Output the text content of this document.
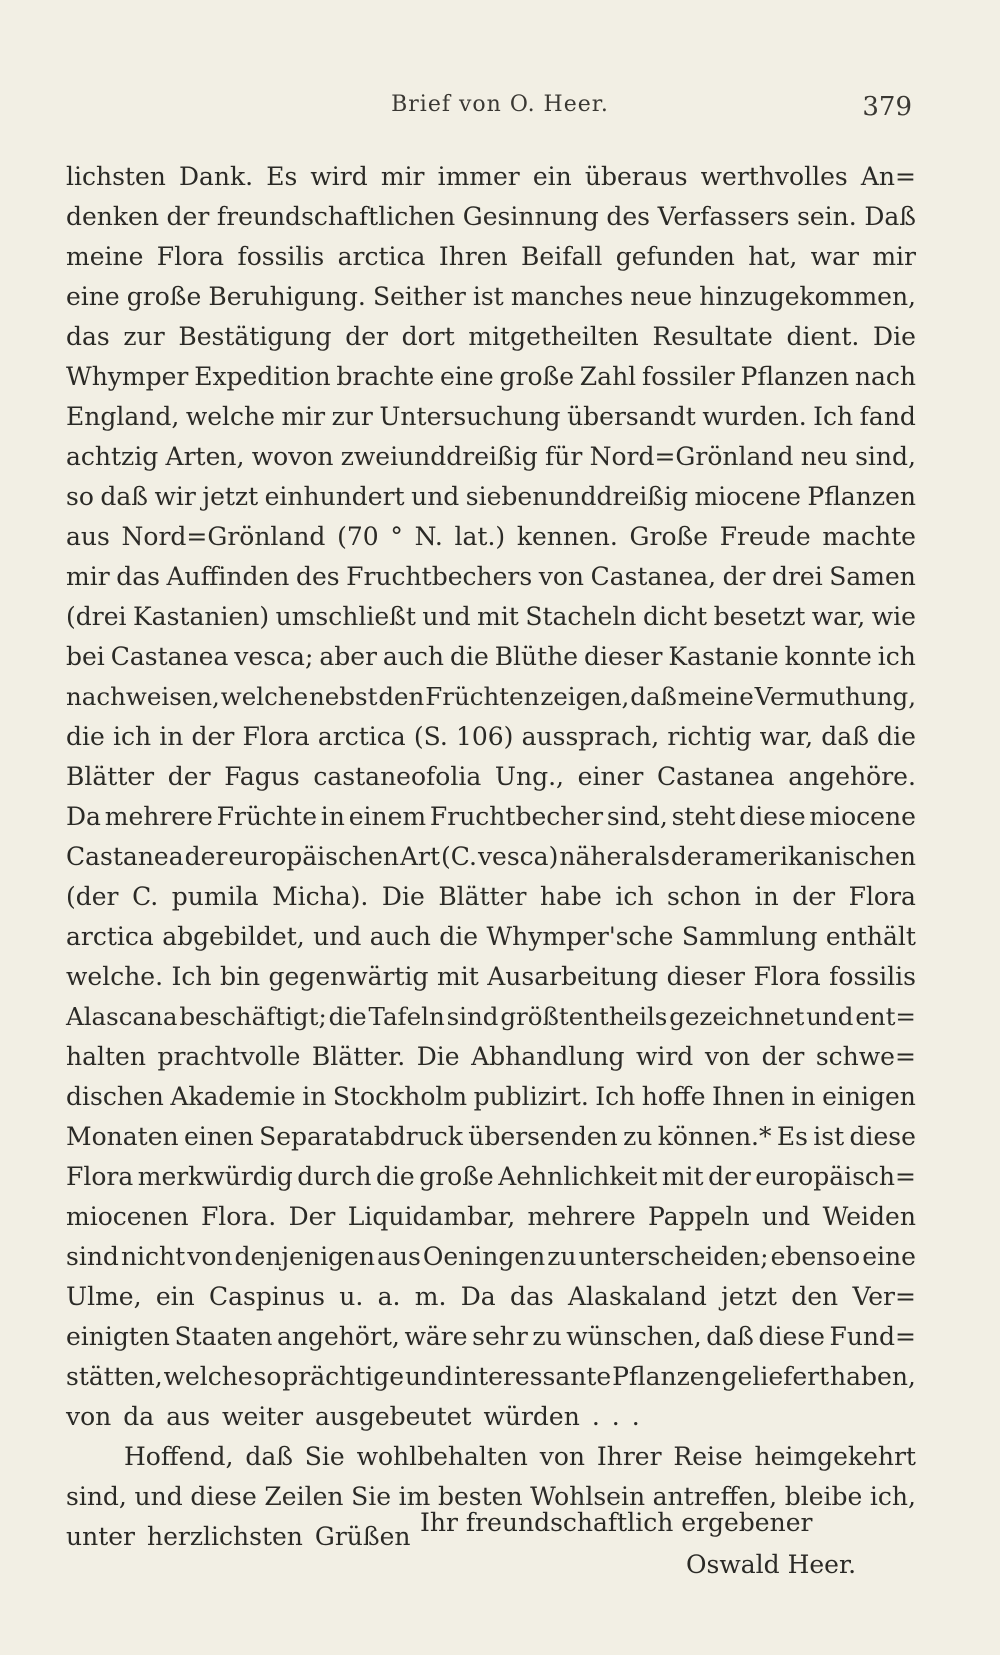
Brief von O. Heer.	379
lichsten Dank. Es wird mir immer ein überaus werthvolles An=
denken der freundschaftlichen Gesinnung des Verfassers sein. Daß
meine Flora fossilis arctica Ihren Beifall gefunden hat, war mir
eine große Beruhigung. Seither ist manches neue hinzugekommen,
das zur Bestätigung der dort mitgetheilten Resultate dient. Die
Whymper Expedition brachte eine große Zahl fossiler Pflanzen nach
England, welche mir zur Untersuchung übersandt wurden. Ich fand
achtzig Arten, wovon zweiunddreißig für Nord=Grönland neu sind,
so daß wir jetzt einhundert und siebenunddreißig miocene Pflanzen
aus Nord=Grönland (70 ° N. lat.) kennen. Große Freude machte
mir das Auffinden des Fruchtbechers von Castanea, der drei Samen
(drei Kastanien) umschließt und mit Stacheln dicht besetzt war, wie
bei Castanea vesca; aber auch die Blüthe dieser Kastanie konnte ich
nachweisen, welche nebst den Früchten zeigen, daß meine Vermuthung,
die ich in der Flora arctica (S. 106) aussprach, richtig war, daß die
Blätter der Fagus castaneofolia Ung., einer Castanea angehöre.
Da mehrere Früchte in einem Fruchtbecher sind, steht diese miocene
Castanea der europäischen Art (C. vesca) näher als der amerikanischen
(der C. pumila Micha). Die Blätter habe ich schon in der Flora
arctica abgebildet, und auch die Whymper'sche Sammlung enthält
welche. Ich bin gegenwärtig mit Ausarbeitung dieser Flora fossilis
Alascana beschäftigt; die Tafeln sind größtentheils gezeichnet und ent=
halten prachtvolle Blätter. Die Abhandlung wird von der schwe=
dischen Akademie in Stockholm publizirt. Ich hoffe Ihnen in einigen
Monaten einen Separatabdruck übersenden zu können.* Es ist diese
Flora merkwürdig durch die große Aehnlichkeit mit der europäisch=
miocenen Flora. Der Liquidambar, mehrere Pappeln und Weiden
sind nicht von denjenigen aus Oeningen zu unterscheiden; ebenso eine
Ulme, ein Caspinus u. a. m. Da das Alaskaland jetzt den Ver=
einigten Staaten angehört, wäre sehr zu wünschen, daß diese Fund=
stätten, welche so prächtige und interessante Pflanzen geliefert haben,
von da aus weiter ausgebeutet würden . . .
Hoffend, daß Sie wohlbehalten von Ihrer Reise heimgekehrt
sind, und diese Zeilen Sie im besten Wohlsein antreffen, bleibe ich,
unter herzlichsten Grüßen Ihr freundschaftlich ergebener
Oswald Heer.
